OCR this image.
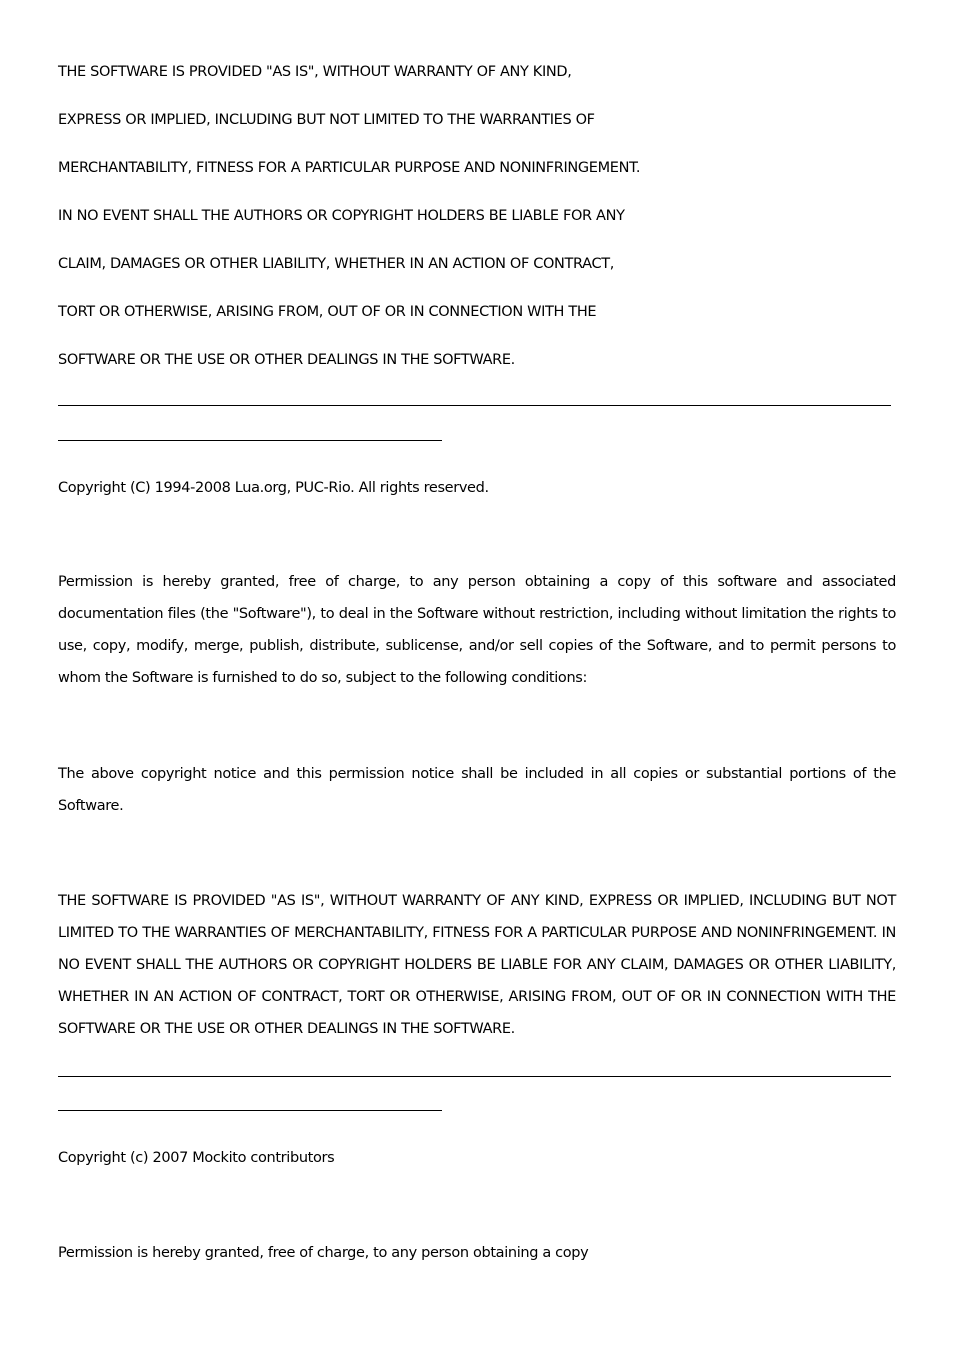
THE SOFTWARE IS PROVIDED "AS IS", WITHOUT WARRANTY OF ANY KIND,
EXPRESS OR IMPLIED, INCLUDING BUT NOT LIMITED TO THE WARRANTIES OF
MERCHANTABILITY, FITNESS FOR A PARTICULAR PURPOSE AND NONINFRINGEMENT.
IN NO EVENT SHALL THE AUTHORS OR COPYRIGHT HOLDERS BE LIABLE FOR ANY
CLAIM, DAMAGES OR OTHER LIABILITY, WHETHER IN AN ACTION OF CONTRACT,
TORT OR OTHERWISE, ARISING FROM, OUT OF OR IN CONNECTION WITH THE
SOFTWARE OR THE USE OR OTHER DEALINGS IN THE SOFTWARE.
Copyright (C) 1994-2008 Lua.org, PUC-Rio. All rights reserved.
Permission is hereby granted, free of charge, to any person obtaining a copy of this software and associated documentation files (the "Software"), to deal in the Software without restriction, including without limitation the rights to use, copy, modify, merge, publish, distribute, sublicense, and/or sell copies of the Software, and to permit persons to whom the Software is furnished to do so, subject to the following conditions:
The above copyright notice and this permission notice shall be included in all copies or substantial portions of the Software.
THE SOFTWARE IS PROVIDED "AS IS", WITHOUT WARRANTY OF ANY KIND, EXPRESS OR IMPLIED, INCLUDING BUT NOT LIMITED TO THE WARRANTIES OF MERCHANTABILITY, FITNESS FOR A PARTICULAR PURPOSE AND NONINFRINGEMENT. IN NO EVENT SHALL THE AUTHORS OR COPYRIGHT HOLDERS BE LIABLE FOR ANY CLAIM, DAMAGES OR OTHER LIABILITY, WHETHER IN AN ACTION OF CONTRACT, TORT OR OTHERWISE, ARISING FROM, OUT OF OR IN CONNECTION WITH THE SOFTWARE OR THE USE OR OTHER DEALINGS IN THE SOFTWARE.
Copyright (c) 2007 Mockito contributors
Permission is hereby granted, free of charge, to any person obtaining a copy
